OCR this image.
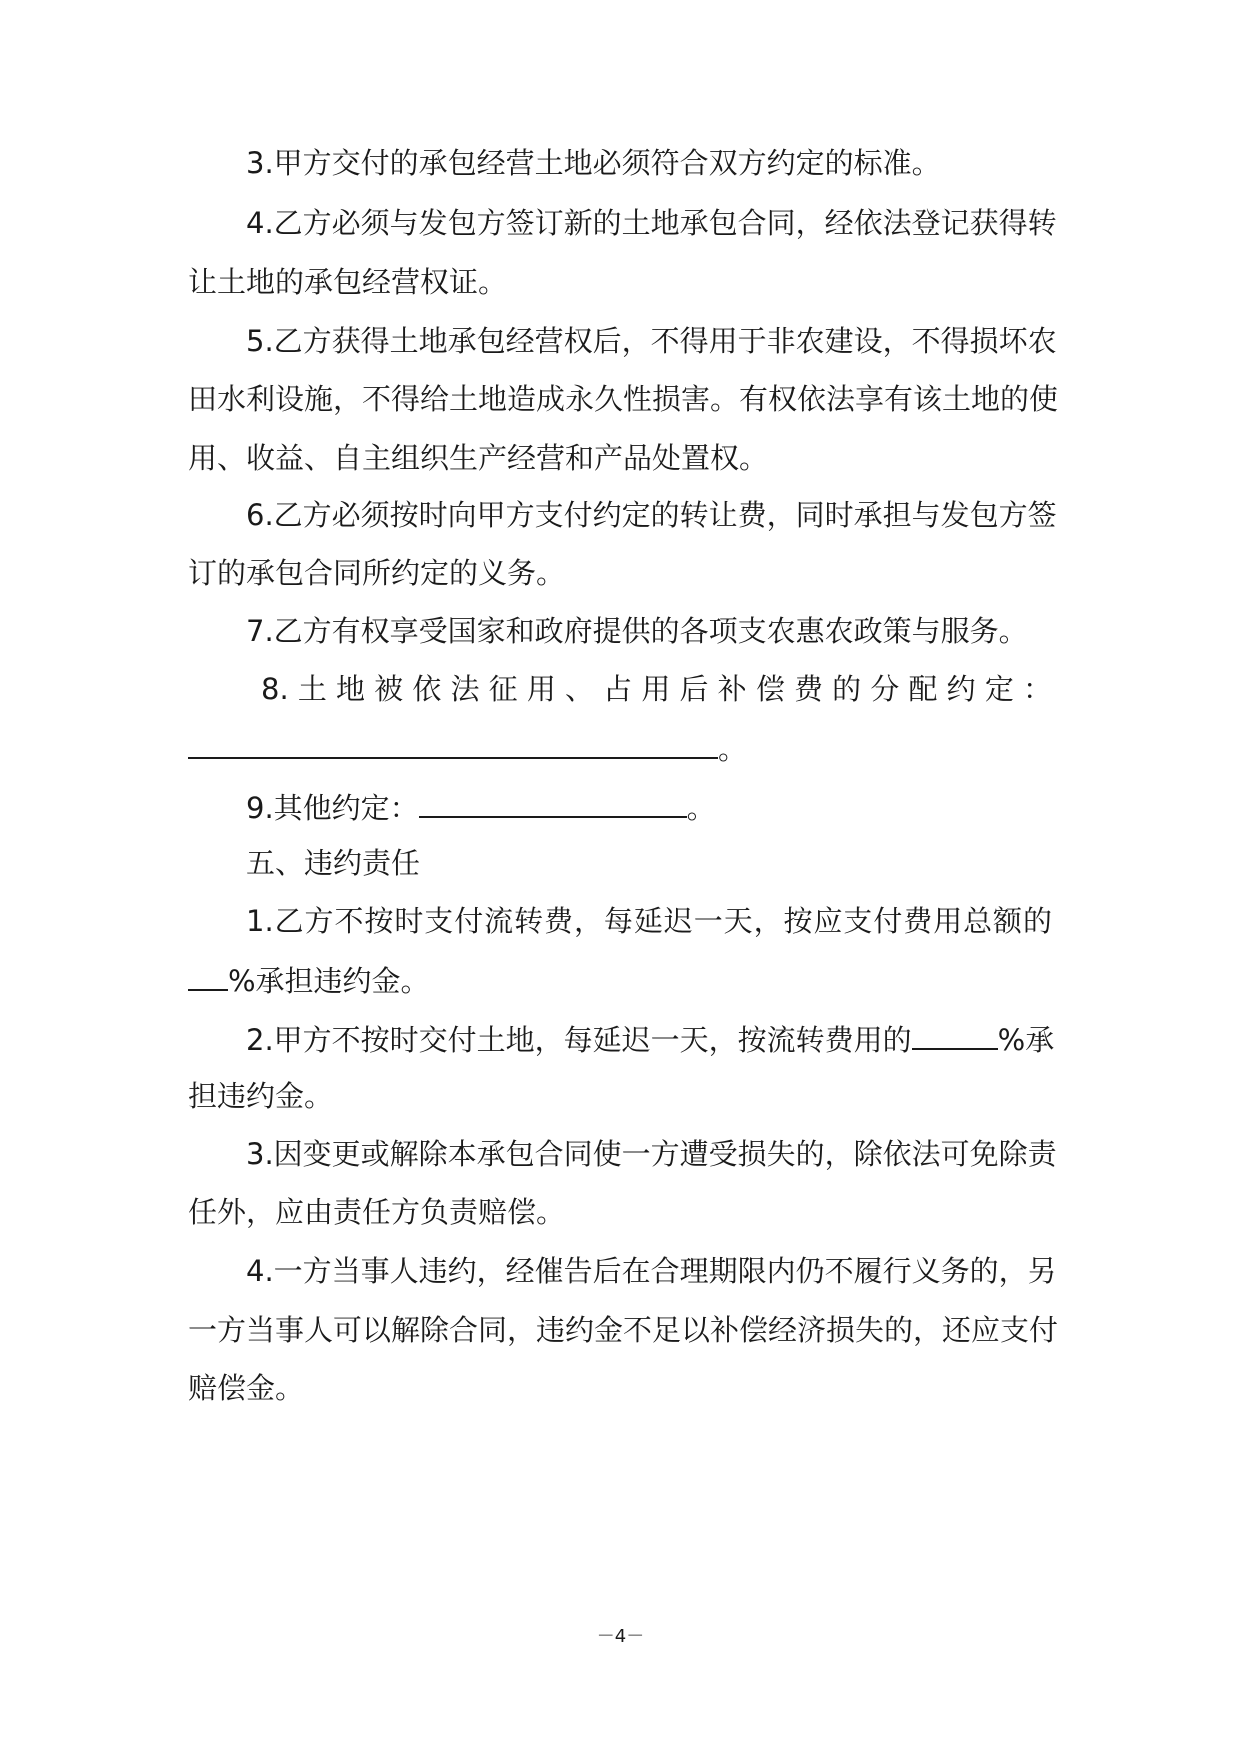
3.甲方交付的承包经营土地必须符合双方约定的标准。
4.乙方必须与发包方签订新的土地承包合同，经依法登记获得转
让土地的承包经营权证。
5.乙方获得土地承包经营权后，不得用于非农建设，不得损坏农
田水利设施，不得给土地造成永久性损害。有权依法享有该土地的使
用、收益、自主组织生产经营和产品处置权。
6.乙方必须按时向甲方支付约定的转让费，同时承担与发包方签
订的承包合同所约定的义务。
7.乙方有权享受国家和政府提供的各项支农惠农政策与服务。
8.土地被依法征用、占用后补偿费的分配约定：
。
9.其他约定：	。
五、违约责任
1.乙方不按时支付流转费，每延迟一天，按应支付费用总额的
%承担违约金。
2.甲方不按时交付土地，每延迟一天，按流转费用的	%承
担违约金。
3.因变更或解除本承包合同使一方遭受损失的，除依法可免除责
任外，应由责任方负责赔偿。
4.一方当事人违约，经催告后在合理期限内仍不履行义务的，另
一方当事人可以解除合同，违约金不足以补偿经济损失的，还应支付
赔偿金。
－4－
